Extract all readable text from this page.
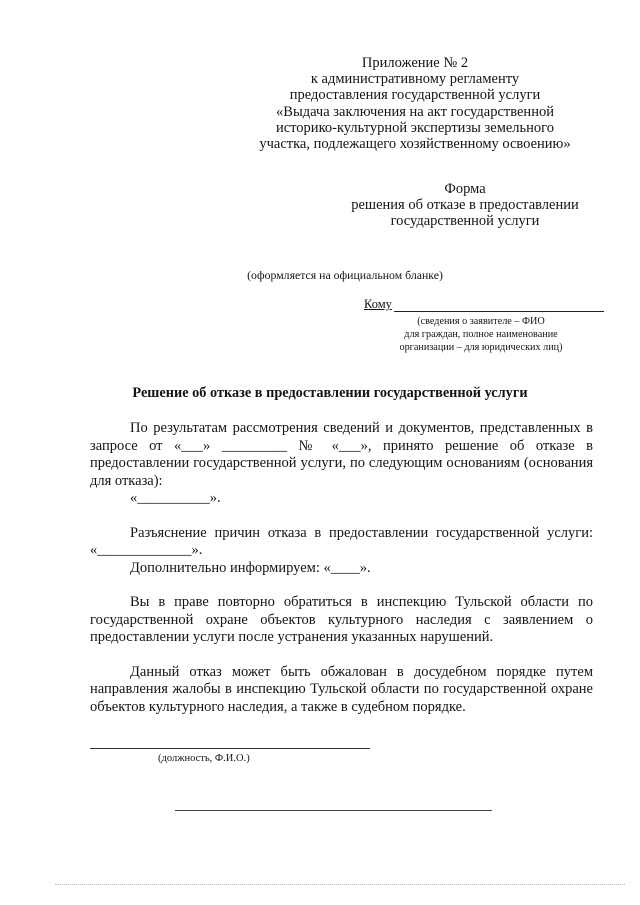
Приложение № 2
к административному регламенту
предоставления государственной услуги
«Выдача заключения на акт государственной
историко-культурной экспертизы земельного
участка, подлежащего хозяйственному освоению»
Форма
решения об отказе в предоставлении
государственной услуги
(оформляется на официальном бланке)
Кому
(сведения о заявителе – ФИО
для граждан, полное наименование
организации – для юридических лиц)
Решение об отказе в предоставлении государственной услуги

По результатам рассмотрения сведений и документов, представленных в запросе от «___» _________ № «___», принято решение об отказе в предоставлении государственной услуги, по следующим основаниям (основания для отказа):

«__________».

Разъяснение причин отказа в предоставлении государственной услуги: «_____________».

Дополнительно информируем: «____».

Вы в праве повторно обратиться в инспекцию Тульской области по государственной охране объектов культурного наследия с заявлением о предоставлении услуги после устранения указанных нарушений.

Данный отказ может быть обжалован в досудебном порядке путем направления жалобы в инспекцию Тульской области по государственной охране объектов культурного наследия, а также в судебном порядке.

(должность, Ф.И.О.)
